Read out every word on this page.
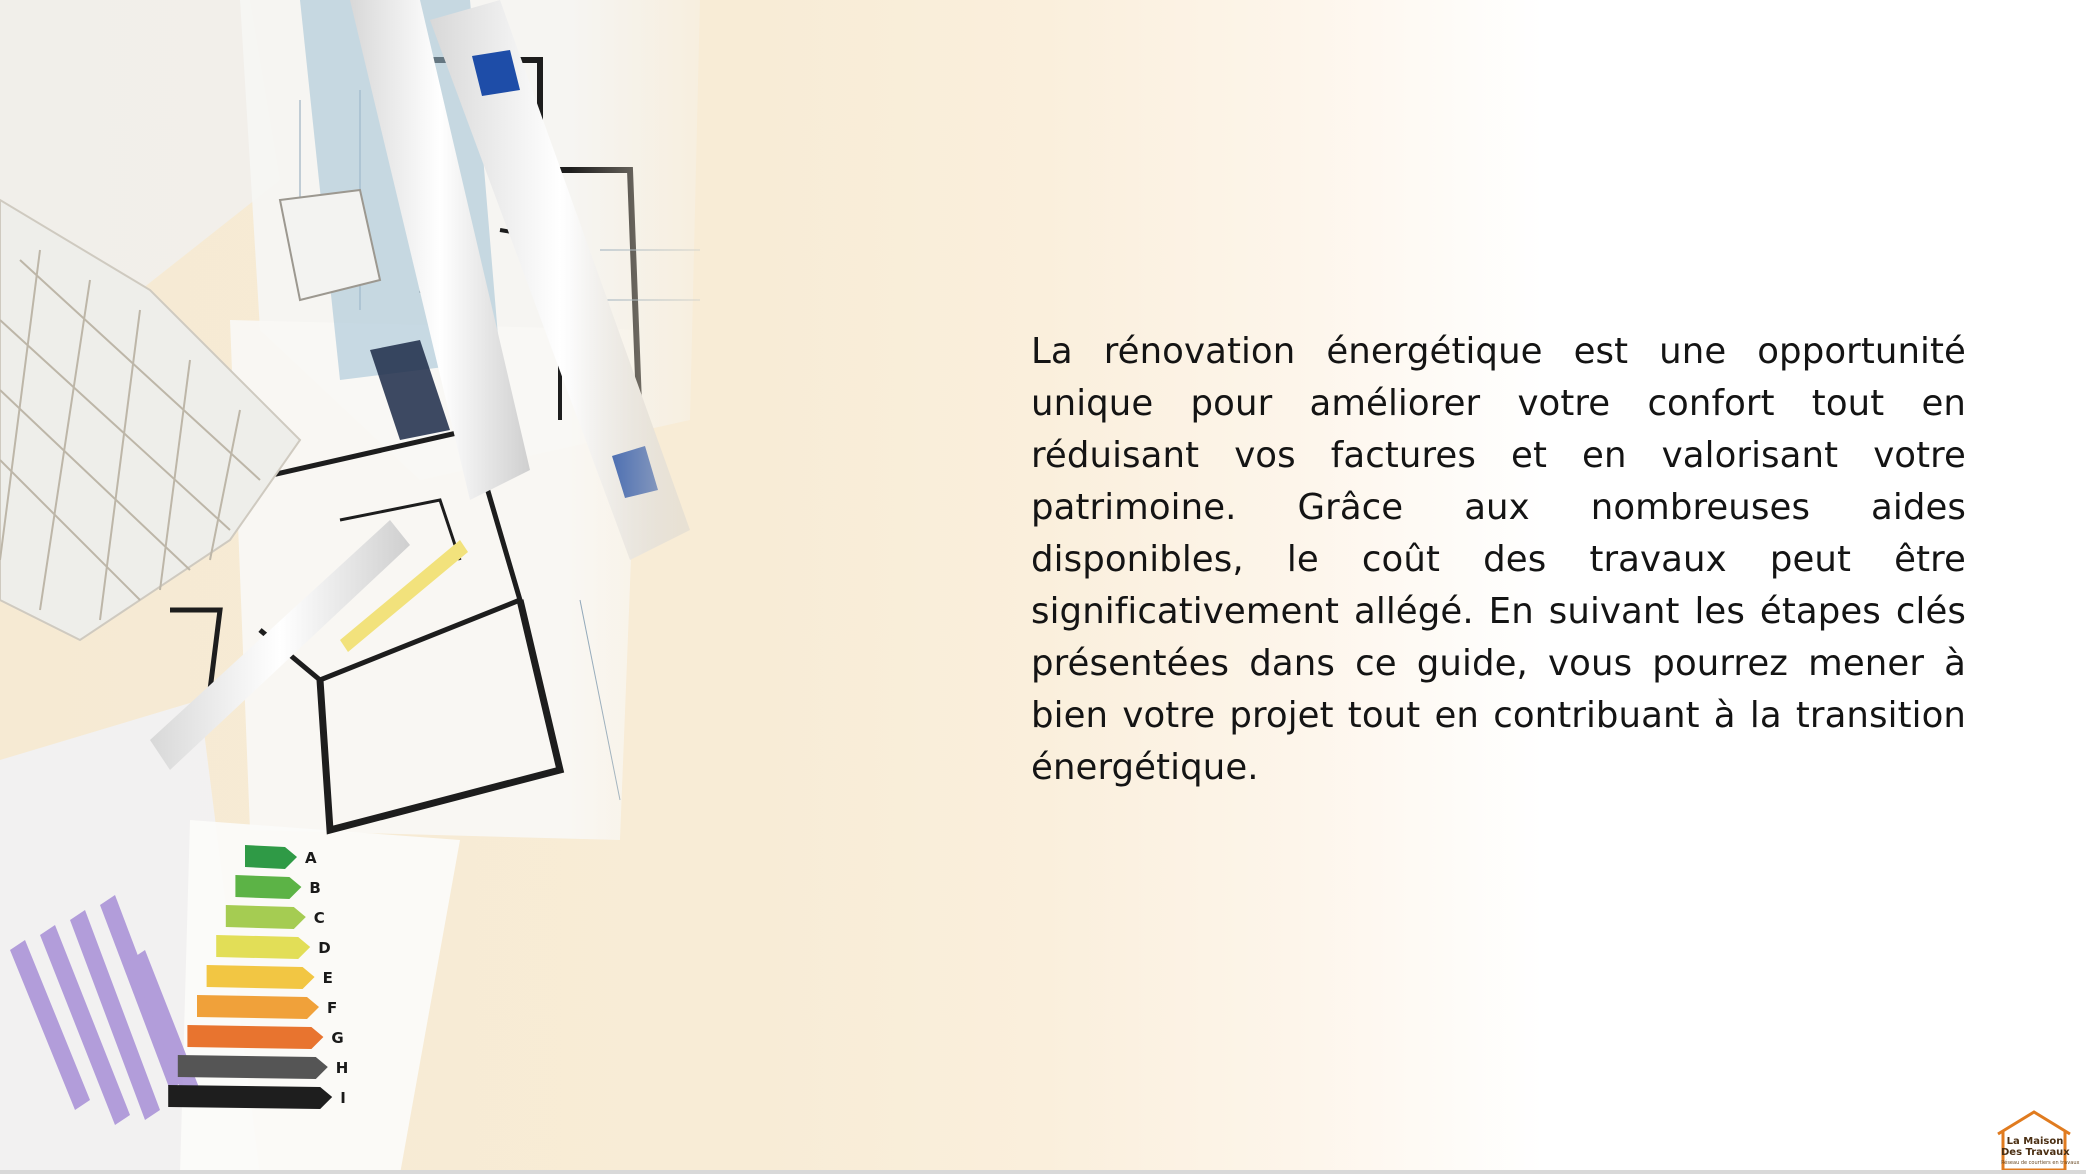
La rénovation énergétique est une opportunité unique pour améliorer votre confort tout en réduisant vos factures et en valorisant votre patrimoine. Grâce aux nombreuses aides disponibles, le coût des travaux peut être significativement allégé. En suivant les étapes clés présentées dans ce guide, vous pourrez mener à bien votre projet tout en contribuant à la transition énergétique.

La Maison
Des Travaux
Réseau de courtiers en travaux
